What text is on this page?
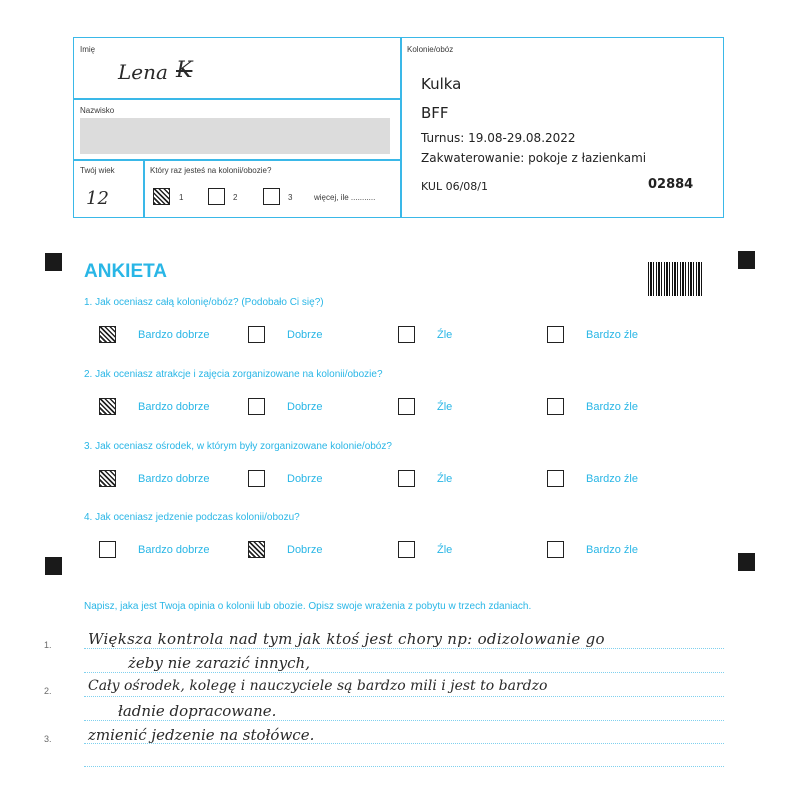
Imię
Lena K
Nazwisko
Twój wiek
12
Który raz jesteś na kolonii/obozie?
1	2	3	więcej, ile ...........
Kolonie/obóz
Kulka
BFF
Turnus: 19.08-29.08.2022
Zakwaterowanie: pokoje z łazienkami
KUL 06/08/1	02884
ANKIETA
1. Jak oceniasz całą kolonię/obóz? (Podobało Ci się?)
Bardzo dobrze	Dobrze	Źle	Bardzo źle
2. Jak oceniasz atrakcje i zajęcia zorganizowane na kolonii/obozie?
Bardzo dobrze	Dobrze	Źle	Bardzo źle
3. Jak oceniasz ośrodek, w którym były zorganizowane kolonie/obóz?
Bardzo dobrze	Dobrze	Źle	Bardzo źle
4. Jak oceniasz jedzenie podczas kolonii/obozu?
Bardzo dobrze	Dobrze	Źle	Bardzo źle
Napisz, jaka jest Twoja opinia o kolonii lub obozie. Opisz swoje wrażenia z pobytu w trzech zdaniach.
1.
2.
3.
Większa kontrola nad tym jak ktoś jest chory np: odizolowanie go
żeby nie zarazić innych,
Cały ośrodek, kolegę i nauczyciele są bardzo mili i jest to bardzo
ładnie dopracowane.
zmienić jedzenie na stołówce.
